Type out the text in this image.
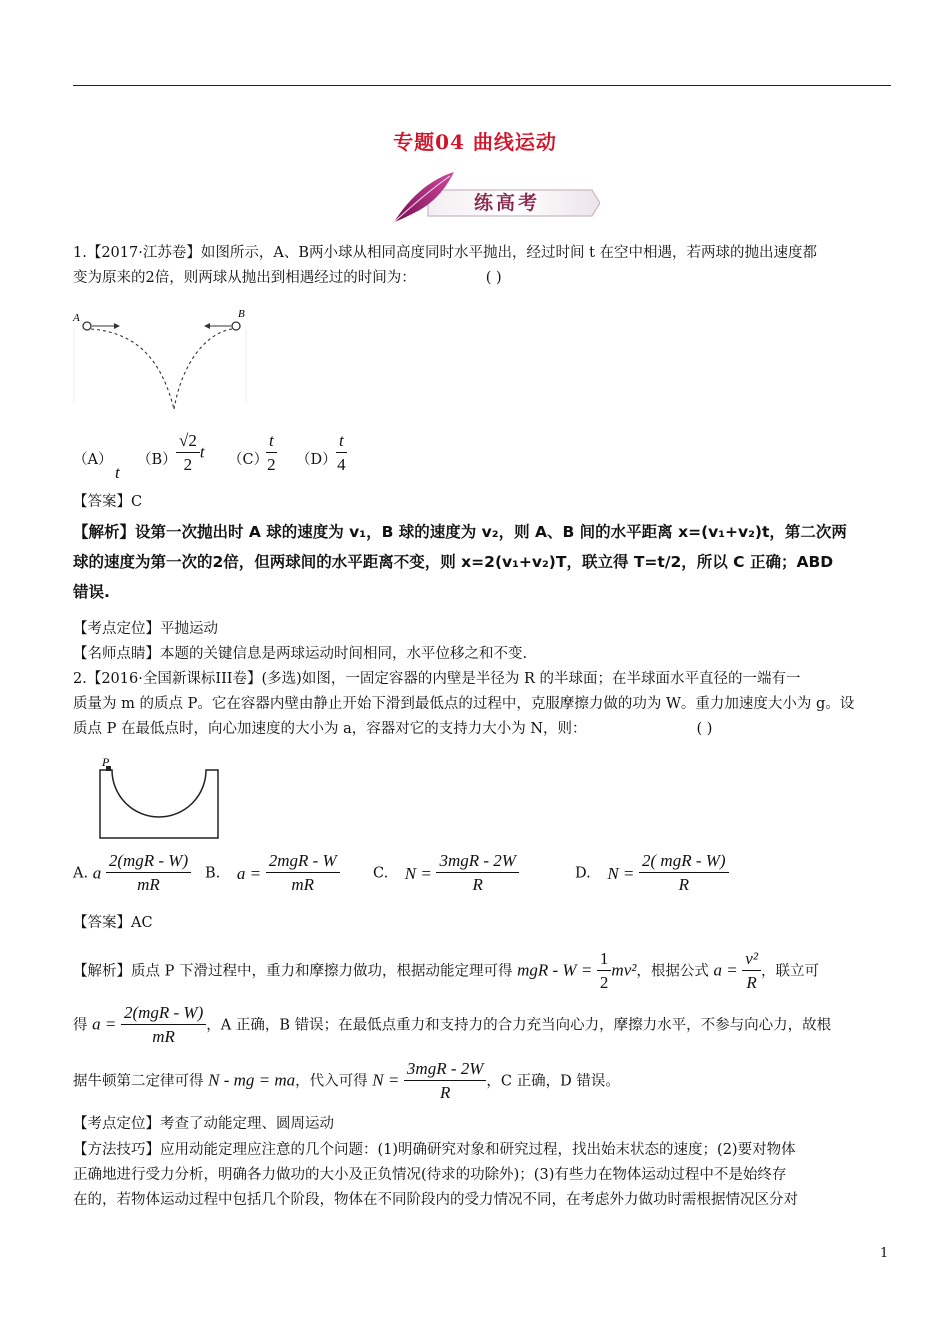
专题04 曲线运动
练高考
1.【2017·江苏卷】如图所示，A、B两小球从相同高度同时水平抛出，经过时间 t 在空中相遇，若两球的抛出速度都
变为原来的2倍，则两球从抛出到相遇经过的时间为：	( )
A	B
（A）
t
$(B) \frac{√2}{2}$ t （C）
$\frac{t}{2} (D) \frac{t}{4}$
【答案】C
【解析】设第一次抛出时 A 球的速度为 v₁，B 球的速度为 v₂，则 A、B 间的水平距离 x=(v₁+v₂)t，第二次两
球的速度为第一次的2倍，但两球间的水平距离不变，则 x=2(v₁+v₂)T，联立得 T=t/2，所以 C 正确；ABD
错误.
【考点定位】平抛运动
【名师点睛】本题的关键信息是两球运动时间相同，水平位移之和不变.
2.【2016·全国新课标III卷】(多选)如图，一固定容器的内壁是半径为 R 的半球面；在半球面水平直径的一端有一
质量为 m 的质点 P。它在容器内壁由静止开始下滑到最低点的过程中，克服摩擦力做的功为 W。重力加速度大小为 g。设
质点 P 在最低点时，向心加速度的大小为 a，容器对它的支持力大小为 N，则：	( )
P
A. a $\frac{\text{2(mgR - W)}}{mR} B$. $a = \frac{\text{2mgR - W}}{mR} C$. $N = \frac{\text{3mgR - 2W}}{R}$	D. $N = \frac{\text{2( mgR - W)}}{R}$
【答案】AC
【解析】质点 P 下滑过程中，重力和摩擦力做功，根据动能定理可得 mgR - $W = \frac{1}{2} mv^2$，根据公式 $a = \frac{\text{v²}}{R}$ ，联立可
得 $a = \frac{\text{2(mgR - W)}}{mR}$ ，A 正确，B 错误；在最低点重力和支持力的合力充当向心力，摩擦力水平，不参与向心力，故根
据牛顿第二定律可得 N - mg = ma，代入可得 $N = \frac{\text{3mgR - 2W}}{R}$ ，C 正确，D 错误。
【考点定位】考查了动能定理、圆周运动
【方法技巧】应用动能定理应注意的几个问题：(1)明确研究对象和研究过程，找出始末状态的速度；(2)要对物体
正确地进行受力分析，明确各力做功的大小及正负情况(待求的功除外)；(3)有些力在物体运动过程中不是始终存
在的，若物体运动过程中包括几个阶段，物体在不同阶段内的受力情况不同，在考虑外力做功时需根据情况区分对
1
